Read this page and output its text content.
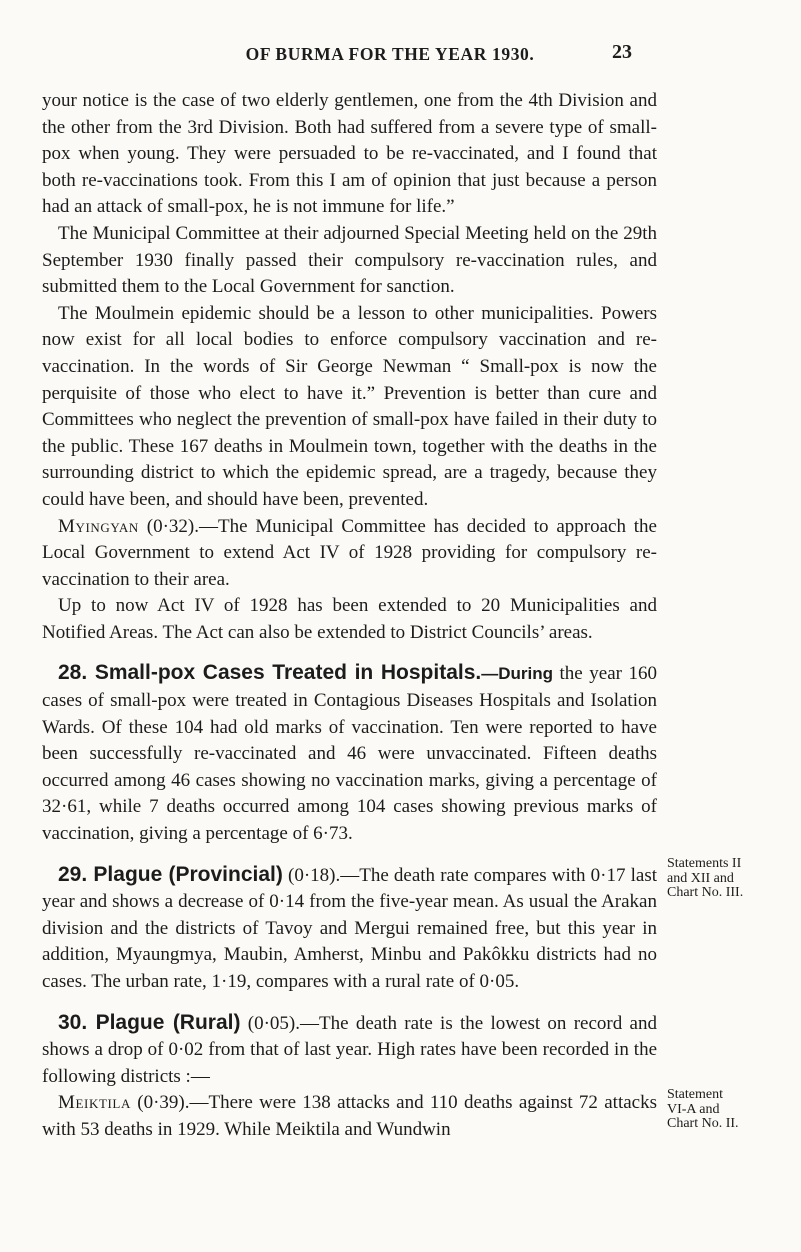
OF BURMA FOR THE YEAR 1930.	23

your notice is the case of two elderly gentlemen, one from the 4th Division and the other from the 3rd Division. Both had suffered from a severe type of small-pox when young. They were persuaded to be re-vaccinated, and I found that both re-vaccinations took. From this I am of opinion that just because a person had an attack of small-pox, he is not immune for life.”

The Municipal Committee at their adjourned Special Meeting held on the 29th September 1930 finally passed their compulsory re-vaccination rules, and submitted them to the Local Government for sanction.

The Moulmein epidemic should be a lesson to other municipalities. Powers now exist for all local bodies to enforce compulsory vaccination and re-vaccination. In the words of Sir George Newman “ Small-pox is now the perquisite of those who elect to have it.” Prevention is better than cure and Committees who neglect the prevention of small-pox have failed in their duty to the public. These 167 deaths in Moulmein town, together with the deaths in the surrounding district to which the epidemic spread, are a tragedy, because they could have been, and should have been, prevented.

Myingyan (0·32).—The Municipal Committee has decided to approach the Local Government to extend Act IV of 1928 providing for compulsory re-vaccination to their area.

Up to now Act IV of 1928 has been extended to 20 Municipalities and Notified Areas. The Act can also be extended to District Councils’ areas.

28. Small-pox Cases Treated in Hospitals.—During the year 160 cases of small-pox were treated in Contagious Diseases Hospitals and Isolation Wards. Of these 104 had old marks of vaccination. Ten were reported to have been successfully re-vaccinated and 46 were unvaccinated. Fifteen deaths occurred among 46 cases showing no vaccination marks, giving a percentage of 32·61, while 7 deaths occurred among 104 cases showing previous marks of vaccination, giving a percentage of 6·73.

29. Plague (Provincial) (0·18).—The death rate compares with 0·17 last year and shows a decrease of 0·14 from the five-year mean. As usual the Arakan division and the districts of Tavoy and Mergui remained free, but this year in addition, Myaungmya, Maubin, Amherst, Minbu and Pakôkku districts had no cases. The urban rate, 1·19, compares with a rural rate of 0·05.

30. Plague (Rural) (0·05).—The death rate is the lowest on record and shows a drop of 0·02 from that of last year. High rates have been recorded in the following districts :—

Meiktila (0·39).—There were 138 attacks and 110 deaths against 72 attacks with 53 deaths in 1929. While Meiktila and Wundwin

Statements II and XII and Chart No. III.
Statement VI-A and Chart No. II.
